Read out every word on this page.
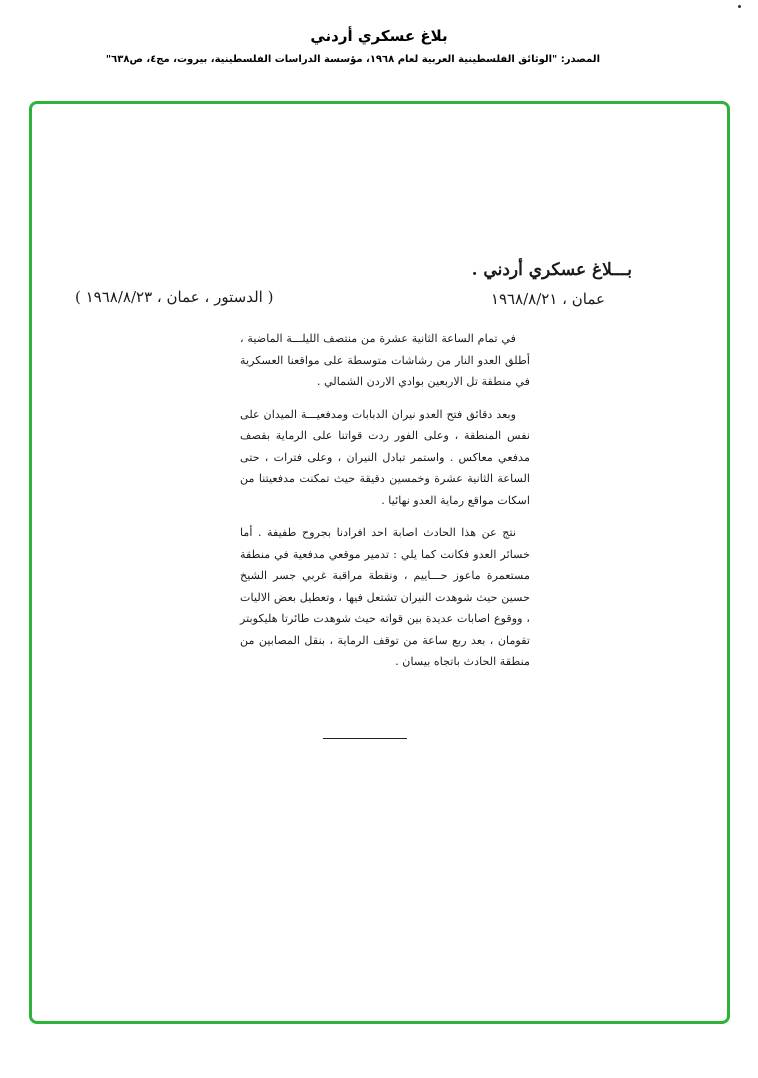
بلاغ عسكري أردني
المصدر: "الوثائق الفلسطينية العربية لعام ١٩٦٨، مؤسسة الدراسات الفلسطينية، بيروت، مج٤، ص٦٣٨"
بـــلاغ عسكري أردني .
عمان ، ١٩٦٨/٨/٢١
( الدستور ، عمان ، ١٩٦٨/٨/٢٣ )

في تمام الساعة الثانية عشرة من منتصف الليلـــة الماضية ، أطلق العدو النار من رشاشات متوسطة على مواقعنا العسكرية في منطقة تل الاربعين بوادي الاردن الشمالي .

وبعد دقائق فتح العدو نيران الدبابات ومدفعيـــة الميدان على نفس المنطقة ، وعلى الفور ردت قواتنا على الرماية بقصف مدفعي معاكس . واستمر تبادل النيران ، وعلى فترات ، حتى الساعة الثانية عشرة وخمسين دقيقة حيث تمكنت مدفعيتنا من اسكات مواقع رماية العدو نهائيا .

نتج عن هذا الحادث اصابة احد افرادنا بجروح طفيفة . أما خسائر العدو فكانت كما يلي : تدمير موقعي مدفعية في منطقة مستعمرة ماعوز حـــاييم ، ونقطة مراقبة غربي جسر الشيخ حسين حيث شوهدت النيران تشتعل فيها ، وتعطيل بعض الاليات ، ووقوع اصابات عديدة بين قواته حيث شوهدت طائرتا هليكوبتر تقومان ، بعد ربع ساعة من توقف الرماية ، بنقل المصابين من منطقة الحادث باتجاه بيسان .
